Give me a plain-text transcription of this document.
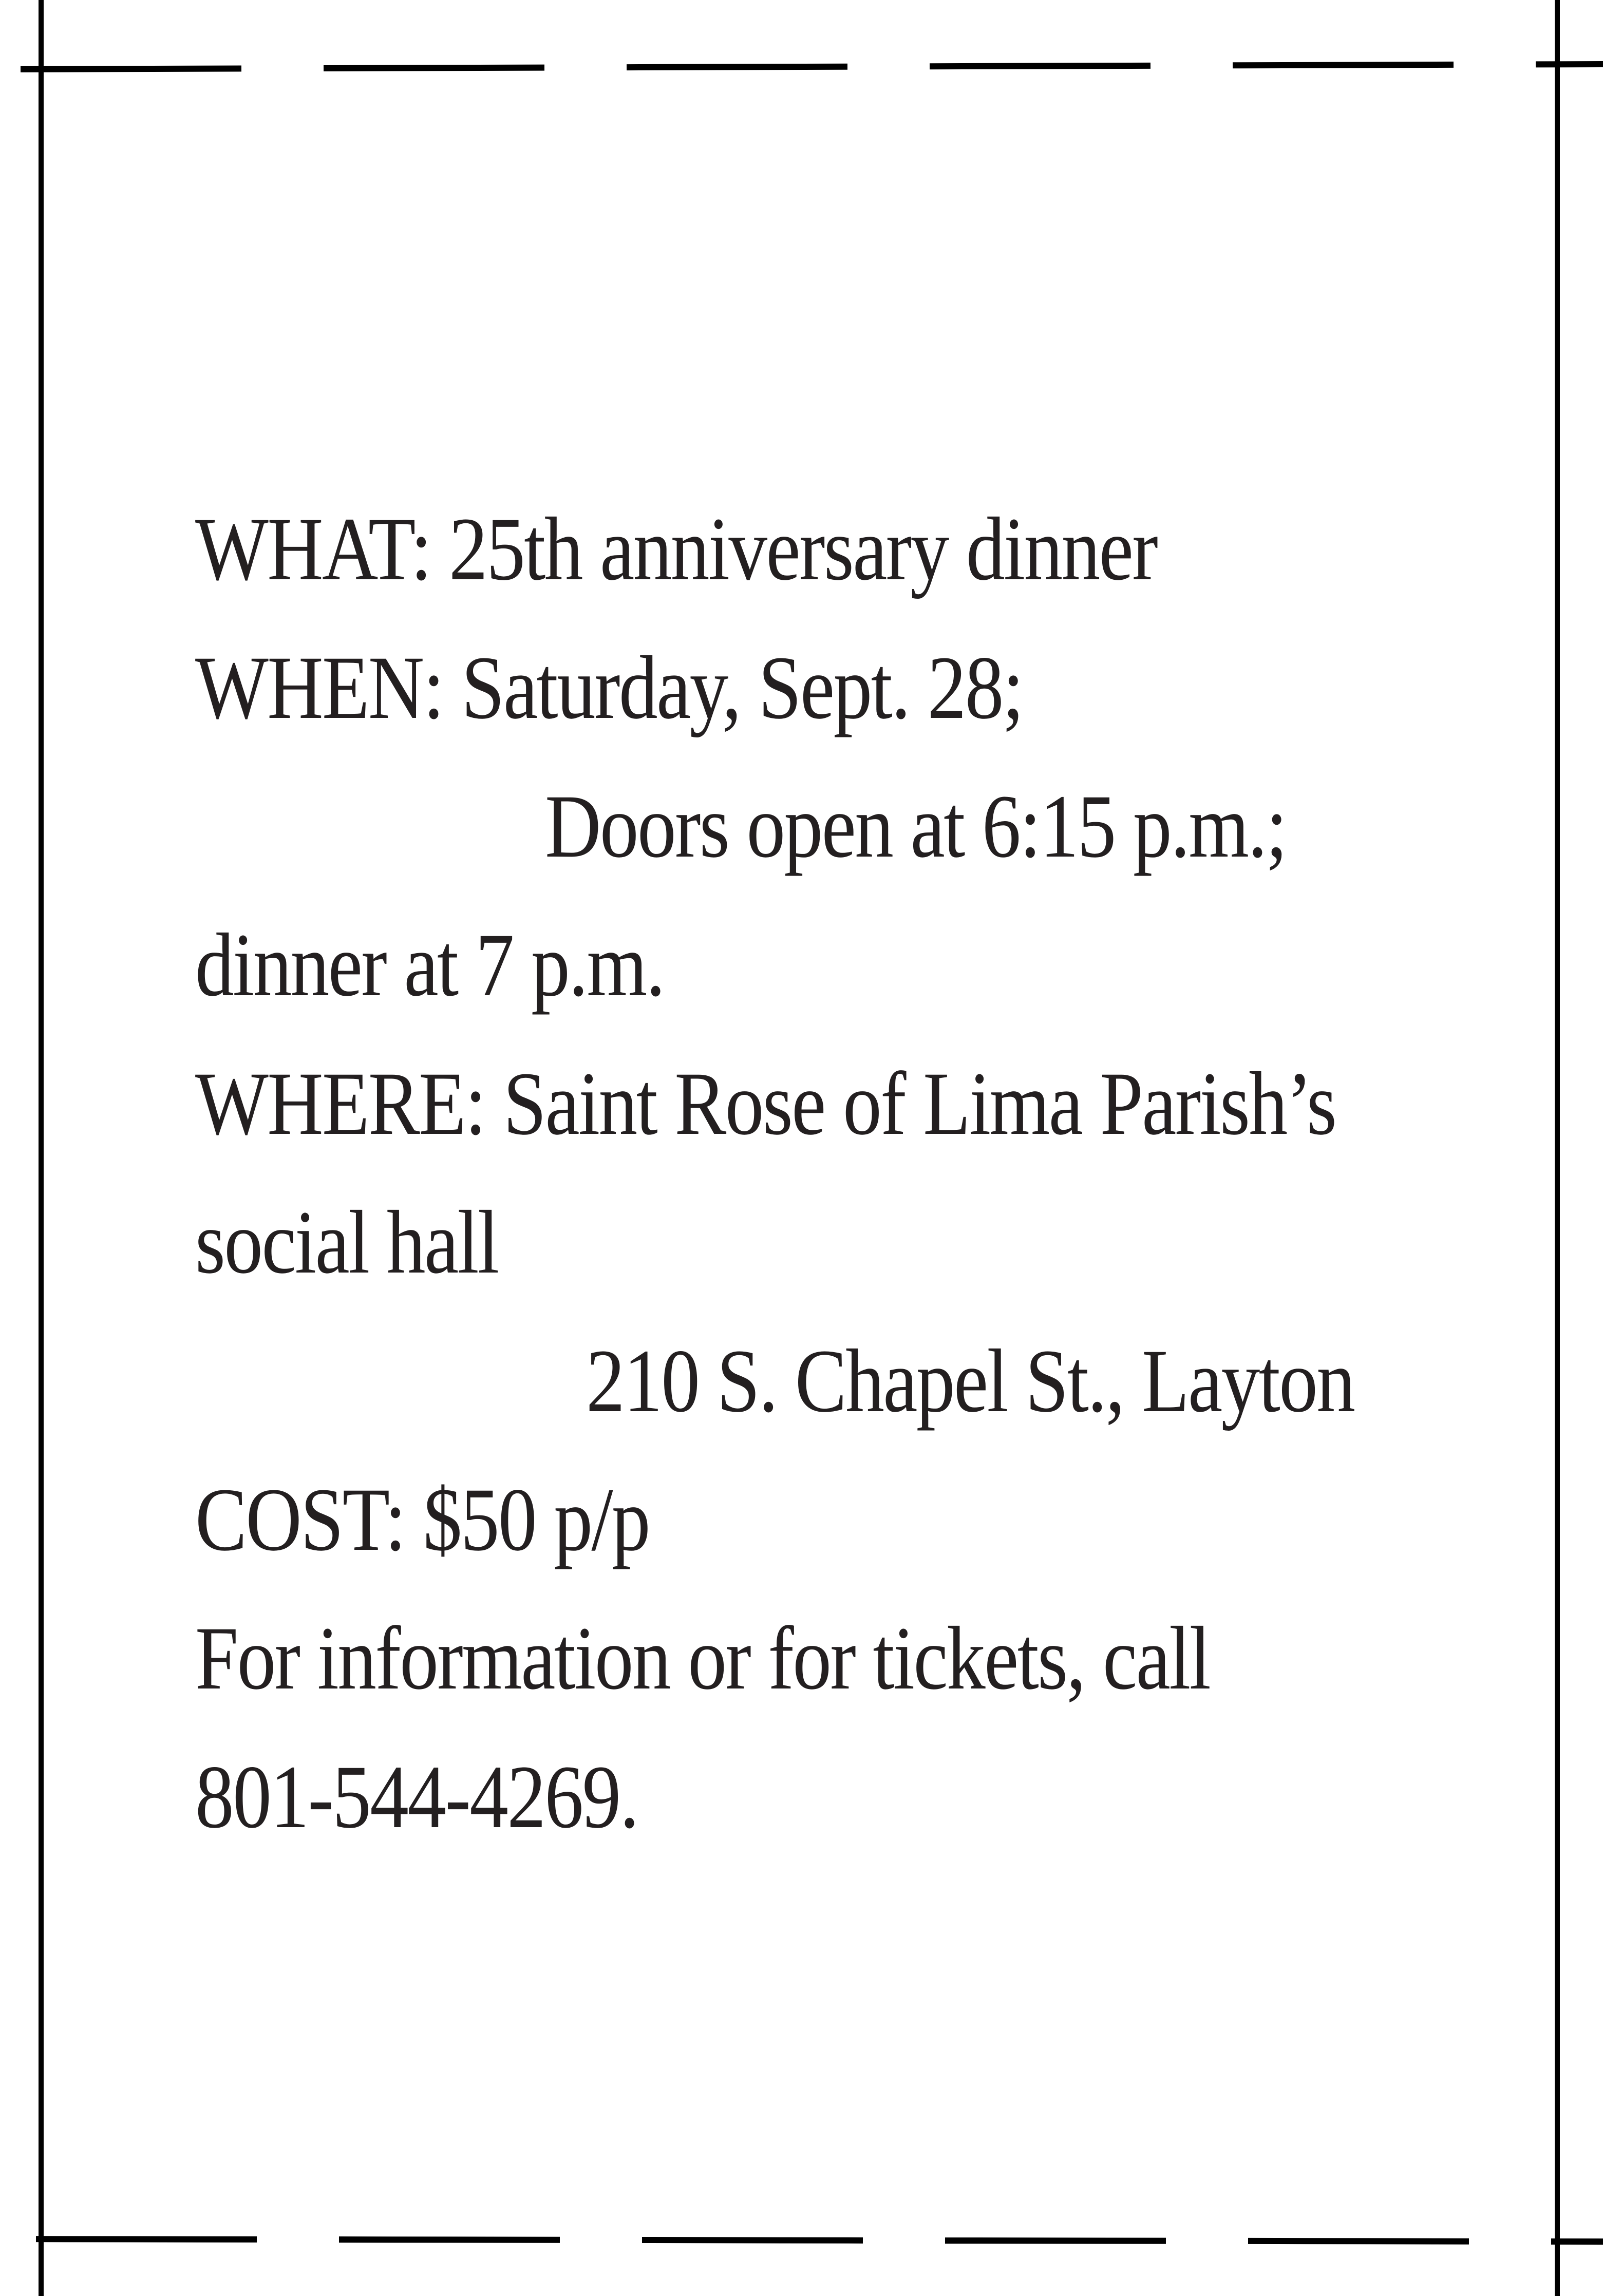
WHAT: 25th anniversary dinner
WHEN: Saturday, Sept. 28;
Doors open at 6:15 p.m.;
dinner at 7 p.m.
WHERE: Saint Rose of Lima Parish’s
social hall
210 S. Chapel St., Layton
COST: $50 p/p
For information or for tickets, call
801-544-4269.
